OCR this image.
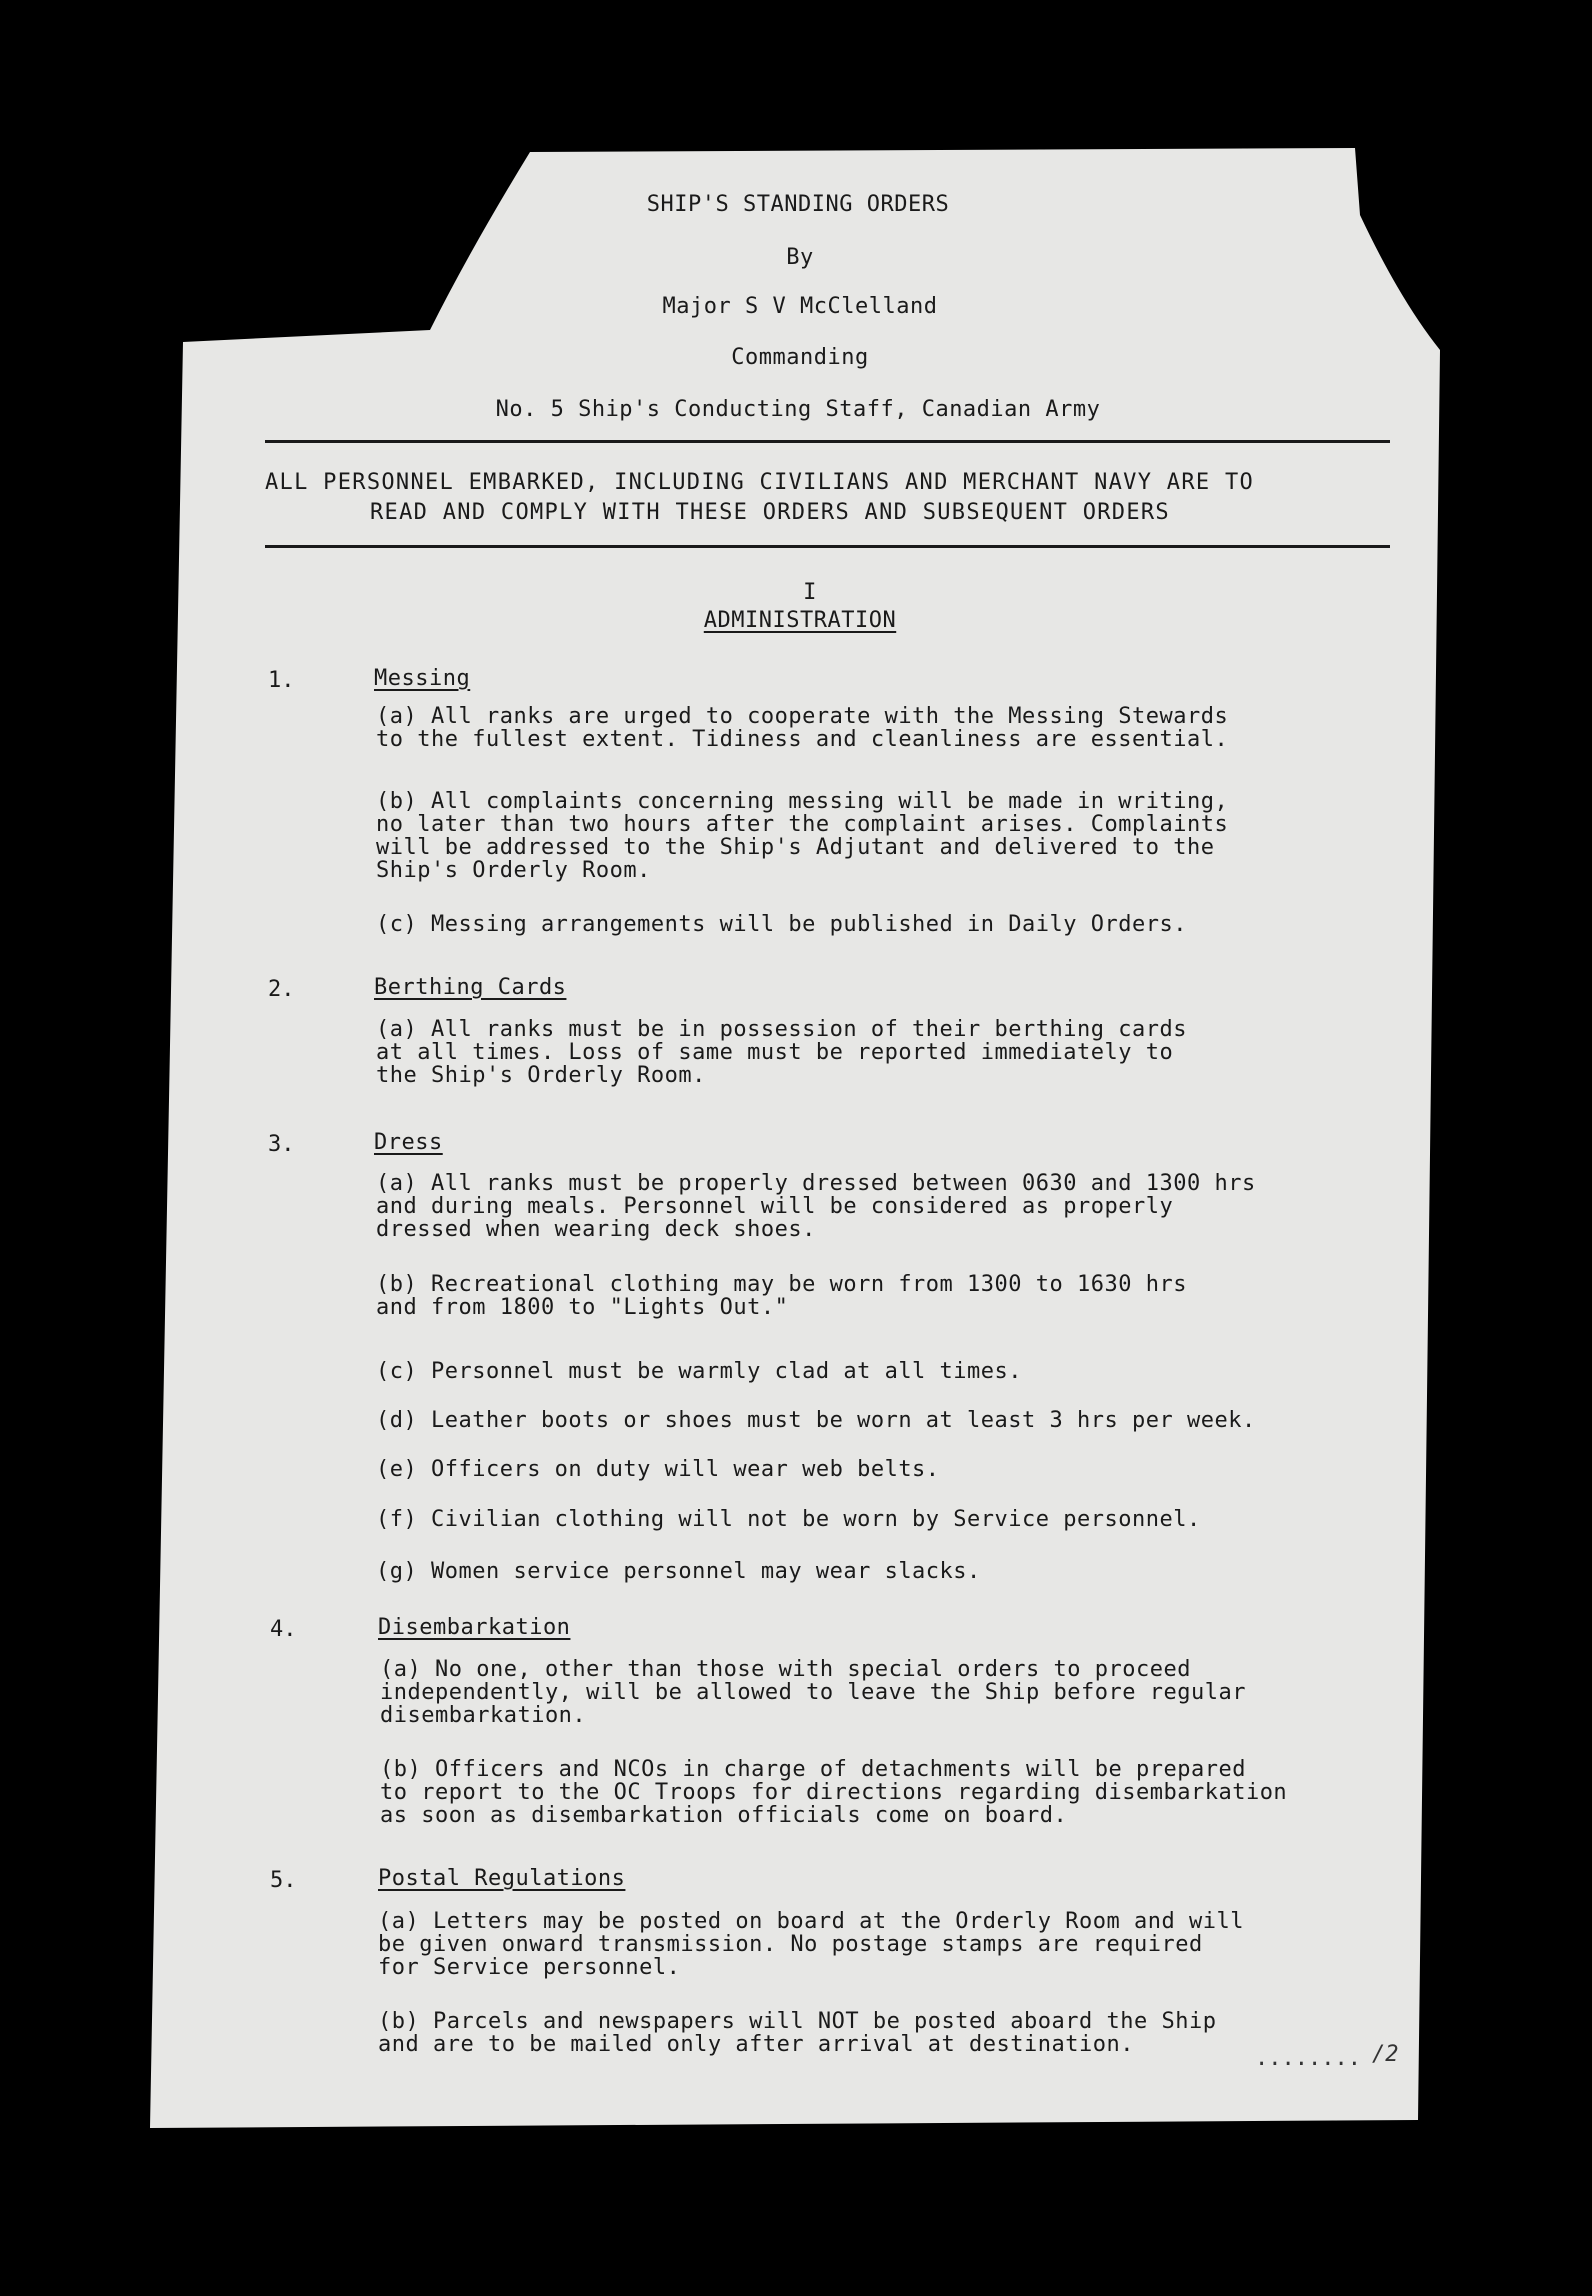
SHIP'S STANDING ORDERS
By
Major S V McClelland
Commanding
No. 5 Ship's Conducting Staff, Canadian Army
ALL PERSONNEL EMBARKED, INCLUDING CIVILIANS AND MERCHANT NAVY ARE TO
READ AND COMPLY WITH THESE ORDERS AND SUBSEQUENT ORDERS
I
ADMINISTRATION
1.	Messing
(a) All ranks are urged to cooperate with the Messing Stewards
to the fullest extent. Tidiness and cleanliness are essential.
(b) All complaints concerning messing will be made in writing,
no later than two hours after the complaint arises. Complaints
will be addressed to the Ship's Adjutant and delivered to the
Ship's Orderly Room.
(c) Messing arrangements will be published in Daily Orders.
2.	Berthing Cards
(a) All ranks must be in possession of their berthing cards
at all times. Loss of same must be reported immediately to
the Ship's Orderly Room.
3.	Dress
(a) All ranks must be properly dressed between 0630 and 1300 hrs
and during meals. Personnel will be considered as properly
dressed when wearing deck shoes.
(b) Recreational clothing may be worn from 1300 to 1630 hrs
and from 1800 to "Lights Out."
(c) Personnel must be warmly clad at all times.
(d) Leather boots or shoes must be worn at least 3 hrs per week.
(e) Officers on duty will wear web belts.
(f) Civilian clothing will not be worn by Service personnel.
(g) Women service personnel may wear slacks.
4.	Disembarkation
(a) No one, other than those with special orders to proceed
independently, will be allowed to leave the Ship before regular
disembarkation.
(b) Officers and NCOs in charge of detachments will be prepared
to report to the OC Troops for directions regarding disembarkation
as soon as disembarkation officials come on board.
5.	Postal Regulations
(a) Letters may be posted on board at the Orderly Room and will
be given onward transmission. No postage stamps are required
for Service personnel.
(b) Parcels and newspapers will NOT be posted aboard the Ship
and are to be mailed only after arrival at destination.
........ /2
